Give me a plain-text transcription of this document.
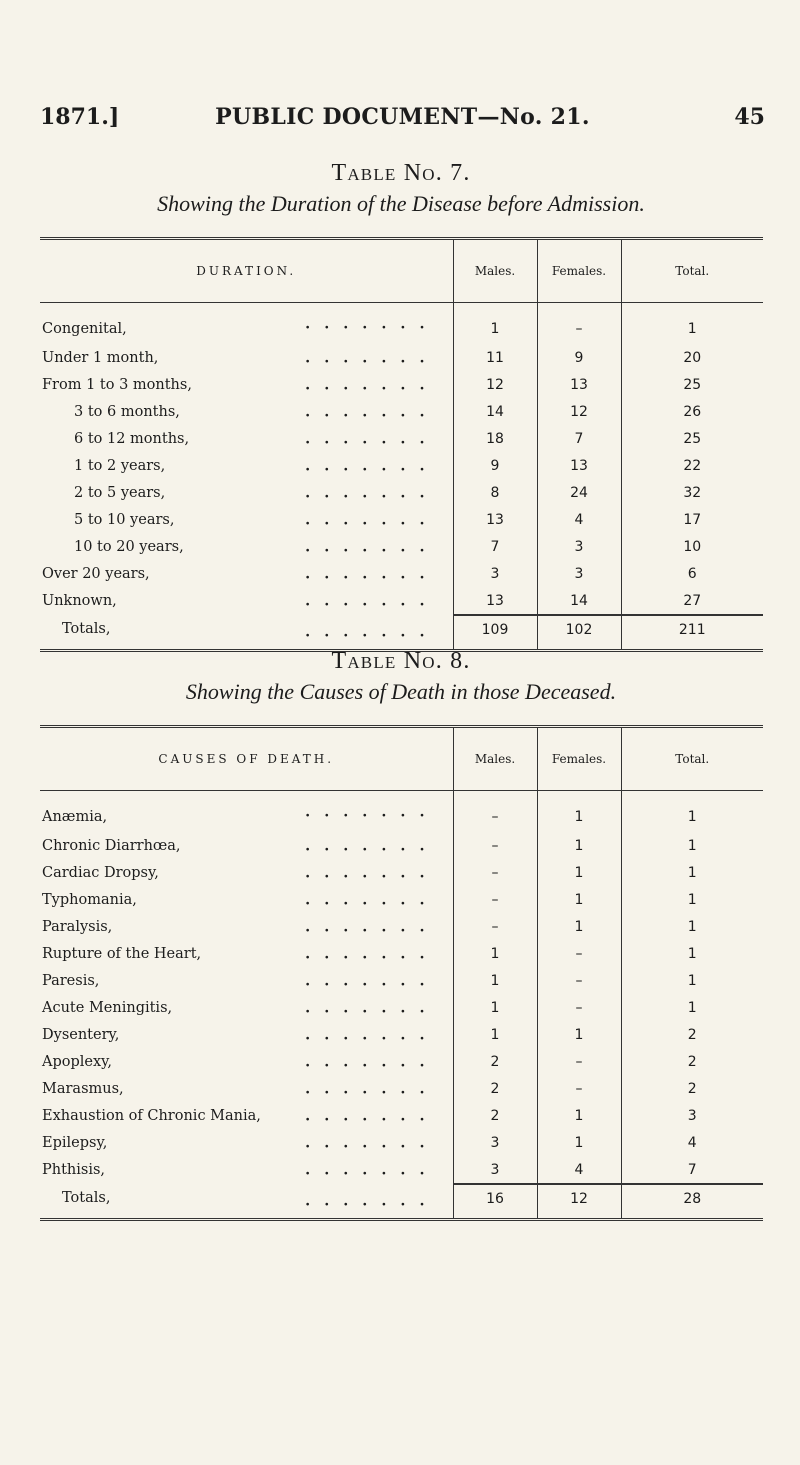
1871.]	PUBLIC DOCUMENT—No. 21.	45
Table No. 7.
Showing the Duration of the Disease before Admission.
DURATION.	Males.	Females.	Total.
Congenital, .......	1	–	1
Under 1 month, .......	11	9	20
From 1 to 3 months, .......	12	13	25
3 to 6 months, .......	14	12	26
6 to 12 months, .......	18	7	25
1 to 2 years, .......	9	13	22
2 to 5 years, .......	8	24	32
5 to 10 years, .......	13	4	17
10 to 20 years, .......	7	3	10
Over 20 years, .......	3	3	6
Unknown, .......	13	14	27
Totals, .......	109	102	211
Table No. 8.
Showing the Causes of Death in those Deceased.
CAUSES OF DEATH.	Males.	Females.	Total.
Anæmia, .......	–	1	1
Chronic Diarrhœa, .......	–	1	1
Cardiac Dropsy, .......	–	1	1
Typhomania, .......	–	1	1
Paralysis, .......	–	1	1
Rupture of the Heart, .......	1	–	1
Paresis, .......	1	–	1
Acute Meningitis, .......	1	–	1
Dysentery, .......	1	1	2
Apoplexy, .......	2	–	2
Marasmus, .......	2	–	2
Exhaustion of Chronic Mania, .......	2	1	3
Epilepsy, .......	3	1	4
Phthisis, .......	3	4	7
Totals, .......	16	12	28
